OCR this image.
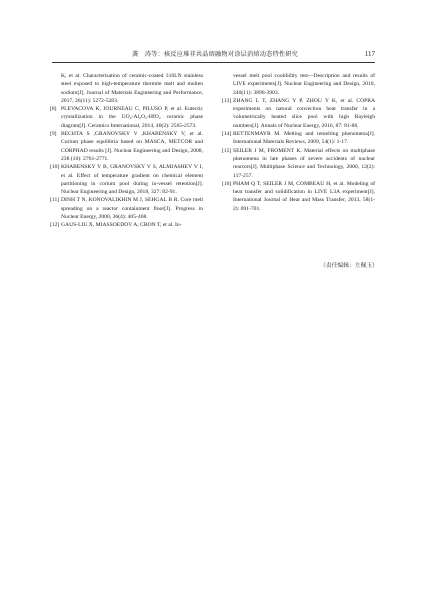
龚　涛等：核反应堆非共晶熔融物对涂层消熔动态特性研究	117

K, et al. Characterisation of ceramic-coated 316LN stainless steel exposed to high-temperature thermite melt and molten sodium[J]. Journal of Materials Engineering and Performance, 2017, 26(11): 5272-5283.

[8] PLEVACOVA K, JOURNEAU C, PILUSO P, et al. Eutectic crystallization in the UO₂-Al₂O₃-HfO₂ ceramic phase diagram[J]. Ceramics International, 2014, 40(2): 2565-2573.

[9] BECHTA S ,GRANOVSKY V ,KHABENSKY V, et al. Corium phase equilibria based on MASCA, METCOR and CORPHAD results [J]. Nuclear Engineering and Design, 2008, 238 (10): 2761-2771.

[10] KHABENSKY V B, GRANOVSKY V S, ALMJASHEV V I, et al. Effect of temperature gradient on chemical element partitioning in corium pool during in-vessel retention[J]. Nuclear Engineering and Design, 2018, 327: 82-91.

[11] DINH T N, KONOVALIKHIN M J, SEHGAL B R. Core melt spreading on a reactor containment floor[J]. Progress in Nuclear Energy, 2000, 36(4): 405-468.

[12] GAUS-LIU X, MIASSOEDOV A, CRON T, et al. In-

vessel melt pool coolibility test—Description and results of LIVE experiments[J]. Nuclear Engineering and Design, 2010, 240(11): 3898-3903.

[13] ZHANG L T, ZHANG Y P, ZHOU Y K, et al. COPRA experiments on natural convection heat transfer in a volumetrically heated slice pool with high Rayleigh numbers[J]. Annals of Nuclear Energy, 2016, 87: 81-88.

[14] RETTENMAYR M. Melting and remelting phenomena[J]. International Materials Reviews, 2009, 54(1): 1-17.

[15] SEILER J M, FROMENT K. Material effects on multiphase phenomena in late phases of severe accidents of nuclear reactors[J]. Multiphase Science and Technology, 2000, 12(2): 117-257.

[16] PHAM Q T, SEILER J M, COMBEAU H, et al. Modeling of heat transfer and solidification in LIVE L3A experiment[J]. International Journal of Heat and Mass Transfer, 2013, 58(1-2): 691-701.

（责任编辑：左佩玉）
